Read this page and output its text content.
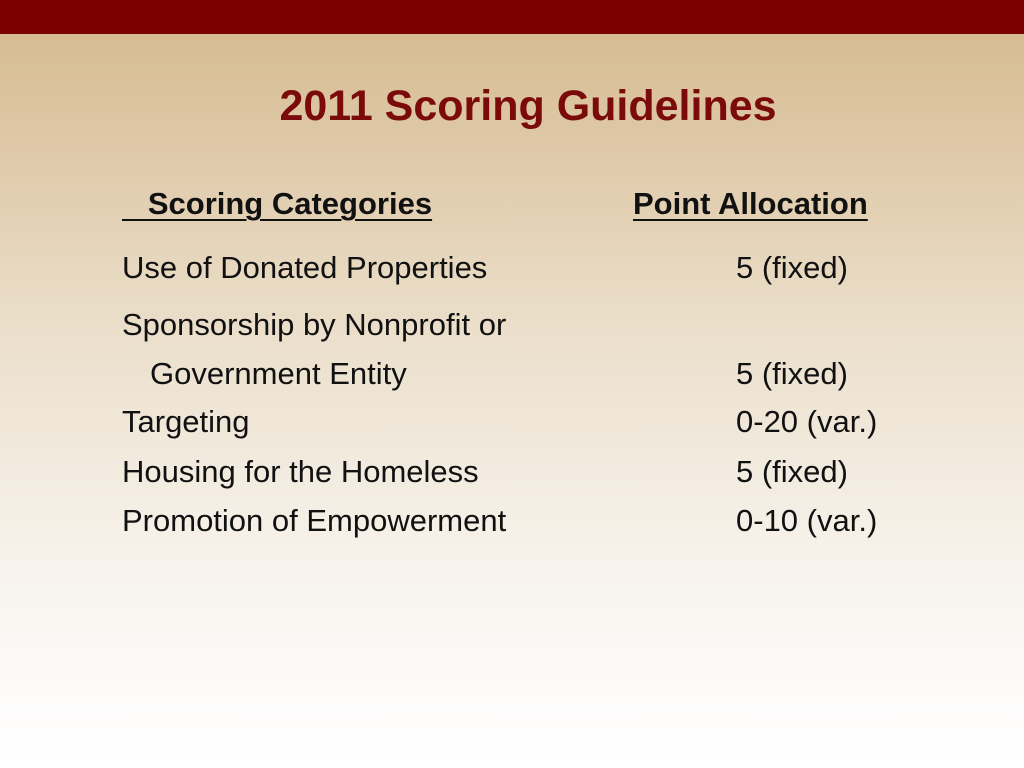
2011 Scoring Guidelines
Scoring Categories	Point Allocation
Use of Donated Properties	5 (fixed)
Sponsorship by Nonprofit or
Government Entity	5 (fixed)
Targeting	0-20 (var.)
Housing for the Homeless	5 (fixed)
Promotion of Empowerment	0-10 (var.)
